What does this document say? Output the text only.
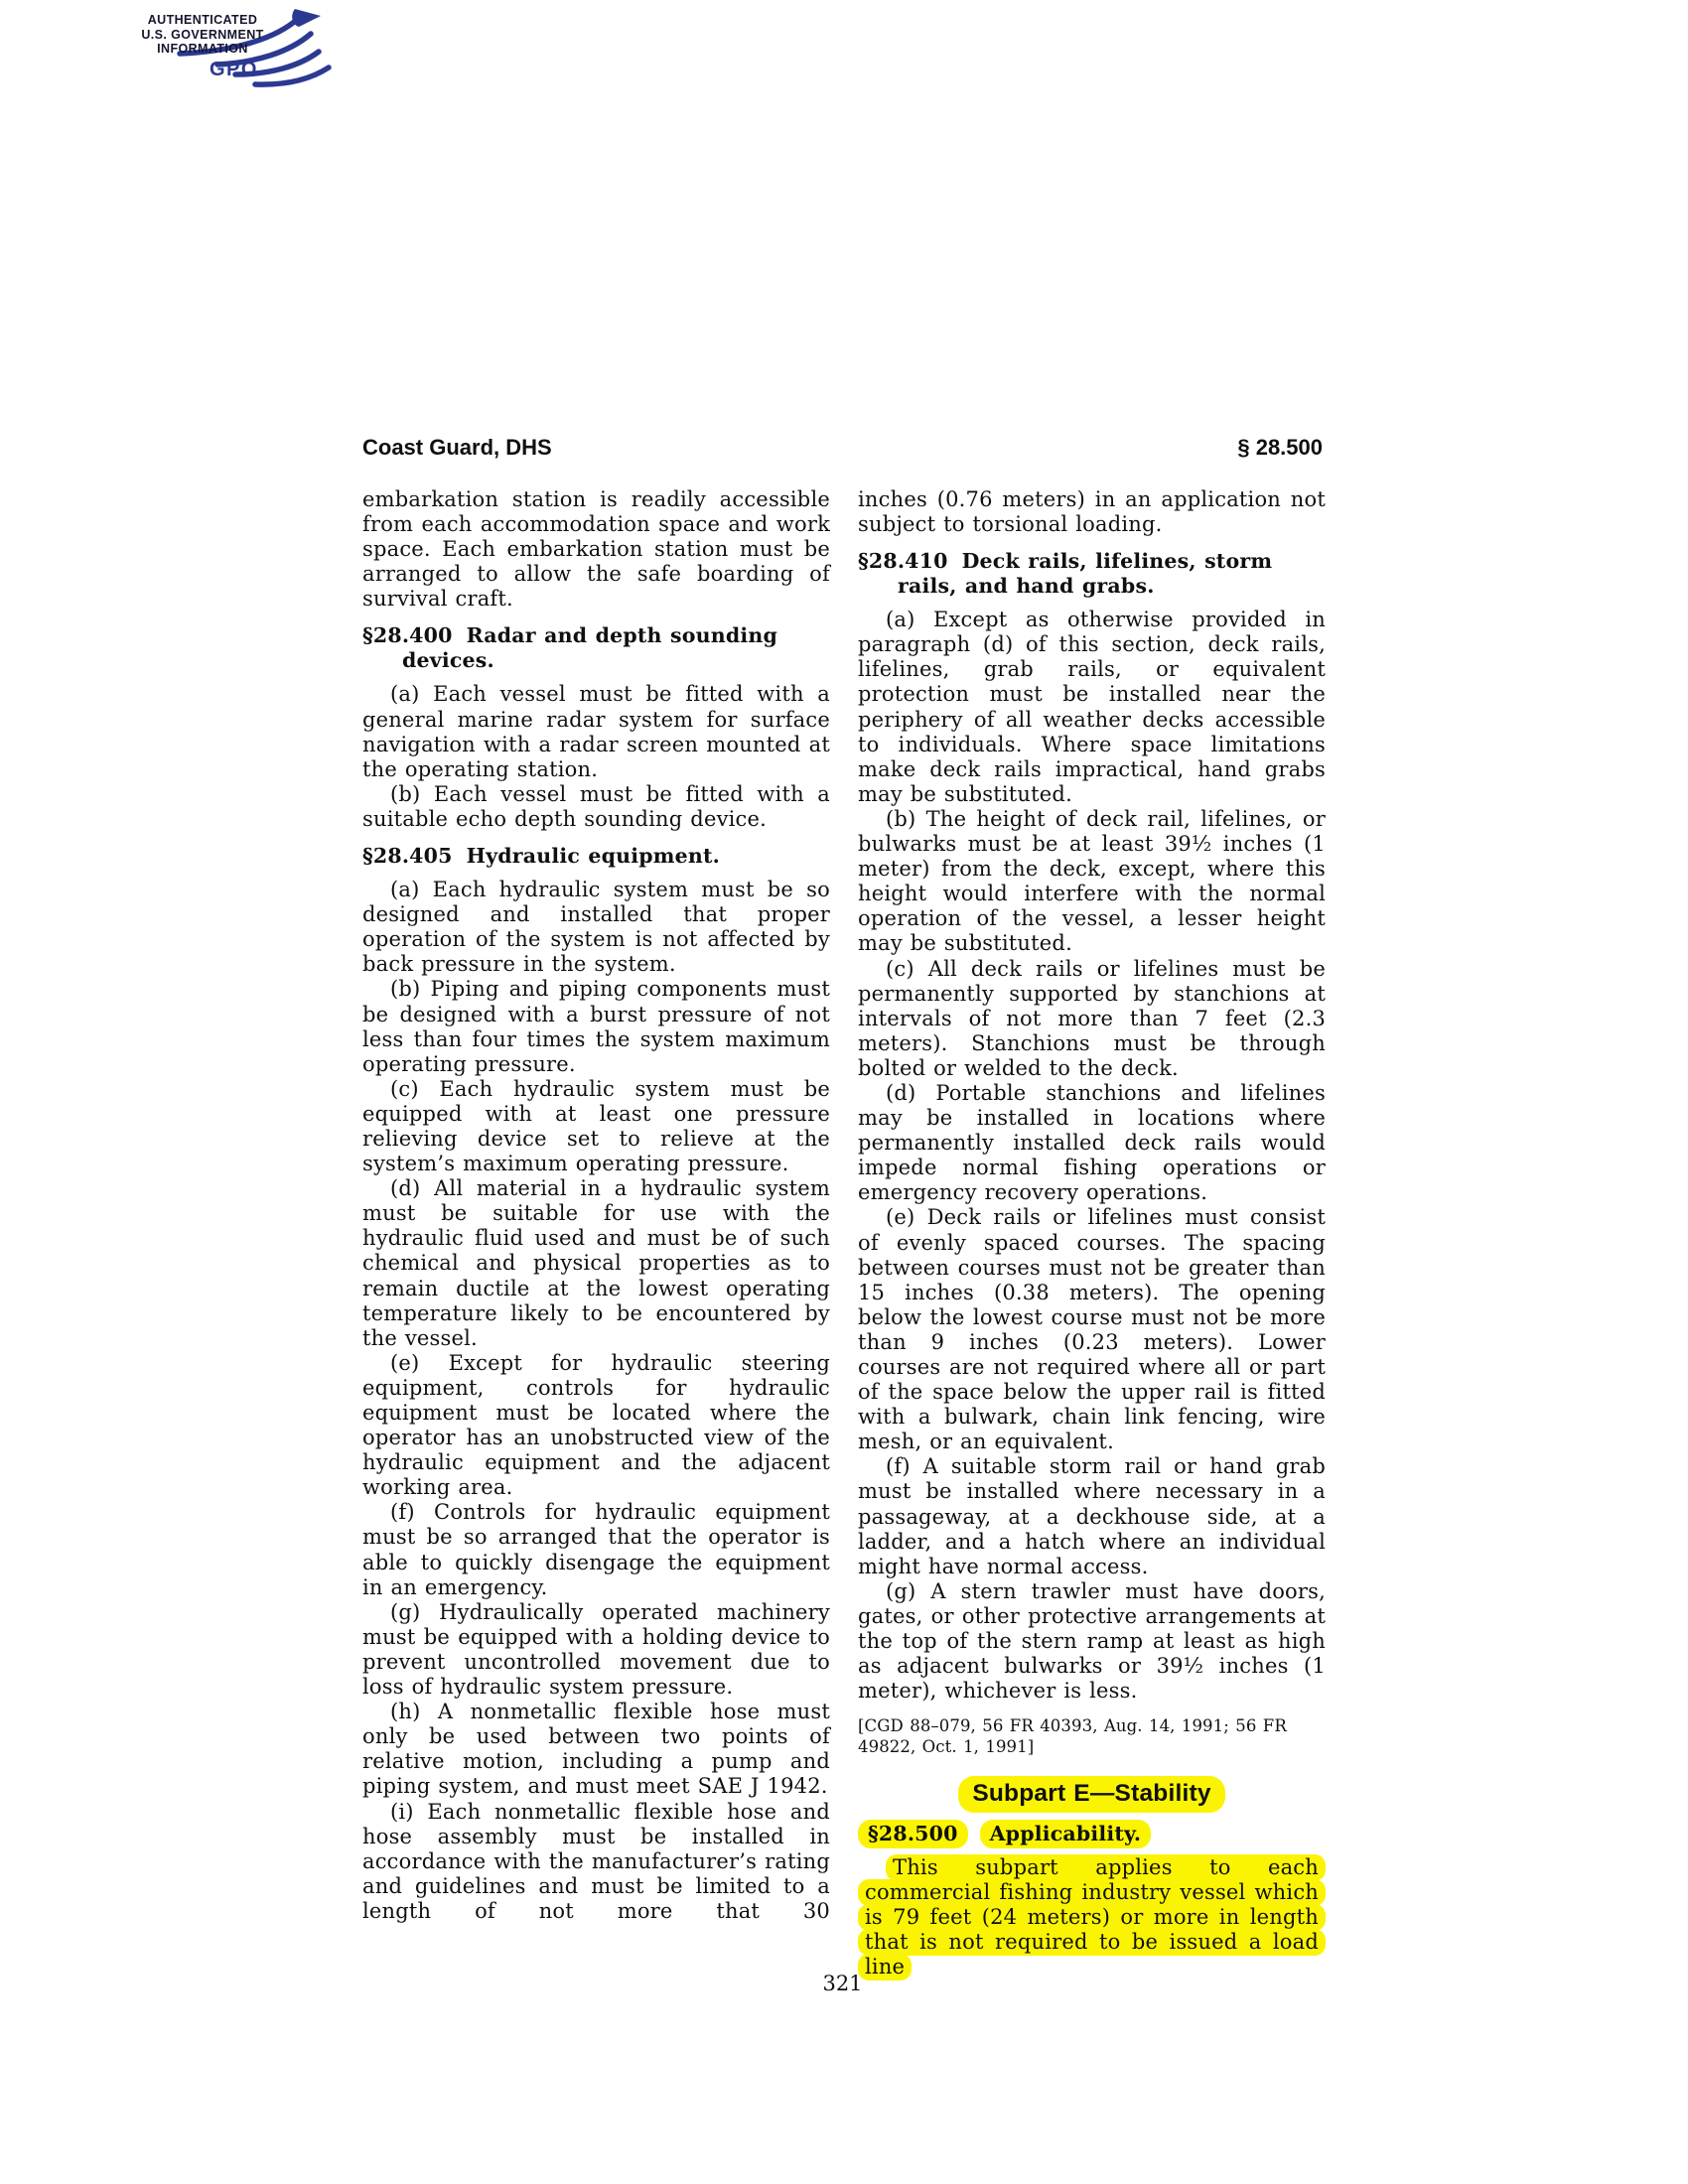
AUTHENTICATED
U.S. GOVERNMENT
INFORMATION
GPO
Coast Guard, DHS	§ 28.500

embarkation station is readily accessible from each accommodation space and work space. Each embarkation station must be arranged to allow the safe boarding of survival craft.

§28.400 Radar and depth sounding devices.

(a) Each vessel must be fitted with a general marine radar system for surface navigation with a radar screen mounted at the operating station.

(b) Each vessel must be fitted with a suitable echo depth sounding device.

§28.405 Hydraulic equipment.

(a) Each hydraulic system must be so designed and installed that proper operation of the system is not affected by back pressure in the system.

(b) Piping and piping components must be designed with a burst pressure of not less than four times the system maximum operating pressure.

(c) Each hydraulic system must be equipped with at least one pressure relieving device set to relieve at the system’s maximum operating pressure.

(d) All material in a hydraulic system must be suitable for use with the hydraulic fluid used and must be of such chemical and physical properties as to remain ductile at the lowest operating temperature likely to be encountered by the vessel.

(e) Except for hydraulic steering equipment, controls for hydraulic equipment must be located where the operator has an unobstructed view of the hydraulic equipment and the adjacent working area.

(f) Controls for hydraulic equipment must be so arranged that the operator is able to quickly disengage the equipment in an emergency.

(g) Hydraulically operated machinery must be equipped with a holding device to prevent uncontrolled movement due to loss of hydraulic system pressure.

(h) A nonmetallic flexible hose must only be used between two points of relative motion, including a pump and piping system, and must meet SAE J 1942.

(i) Each nonmetallic flexible hose and hose assembly must be installed in accordance with the manufacturer’s rating and guidelines and must be limited to a length of not more that 30

inches (0.76 meters) in an application not subject to torsional loading.

§28.410 Deck rails, lifelines, storm rails, and hand grabs.

(a) Except as otherwise provided in paragraph (d) of this section, deck rails, lifelines, grab rails, or equivalent protection must be installed near the periphery of all weather decks accessible to individuals. Where space limitations make deck rails impractical, hand grabs may be substituted.

(b) The height of deck rail, lifelines, or bulwarks must be at least 39½ inches (1 meter) from the deck, except, where this height would interfere with the normal operation of the vessel, a lesser height may be substituted.

(c) All deck rails or lifelines must be permanently supported by stanchions at intervals of not more than 7 feet (2.3 meters). Stanchions must be through bolted or welded to the deck.

(d) Portable stanchions and lifelines may be installed in locations where permanently installed deck rails would impede normal fishing operations or emergency recovery operations.

(e) Deck rails or lifelines must consist of evenly spaced courses. The spacing between courses must not be greater than 15 inches (0.38 meters). The opening below the lowest course must not be more than 9 inches (0.23 meters). Lower courses are not required where all or part of the space below the upper rail is fitted with a bulwark, chain link fencing, wire mesh, or an equivalent.

(f) A suitable storm rail or hand grab must be installed where necessary in a passageway, at a deckhouse side, at a ladder, and a hatch where an individual might have normal access.

(g) A stern trawler must have doors, gates, or other protective arrangements at the top of the stern ramp at least as high as adjacent bulwarks or 39½ inches (1 meter), whichever is less.

[CGD 88–079, 56 FR 40393, Aug. 14, 1991; 56 FR 49822, Oct. 1, 1991]

Subpart E—Stability

§28.500 Applicability.

This subpart applies to each commercial fishing industry vessel which is 79 feet (24 meters) or more in length that is not required to be issued a load line

321
